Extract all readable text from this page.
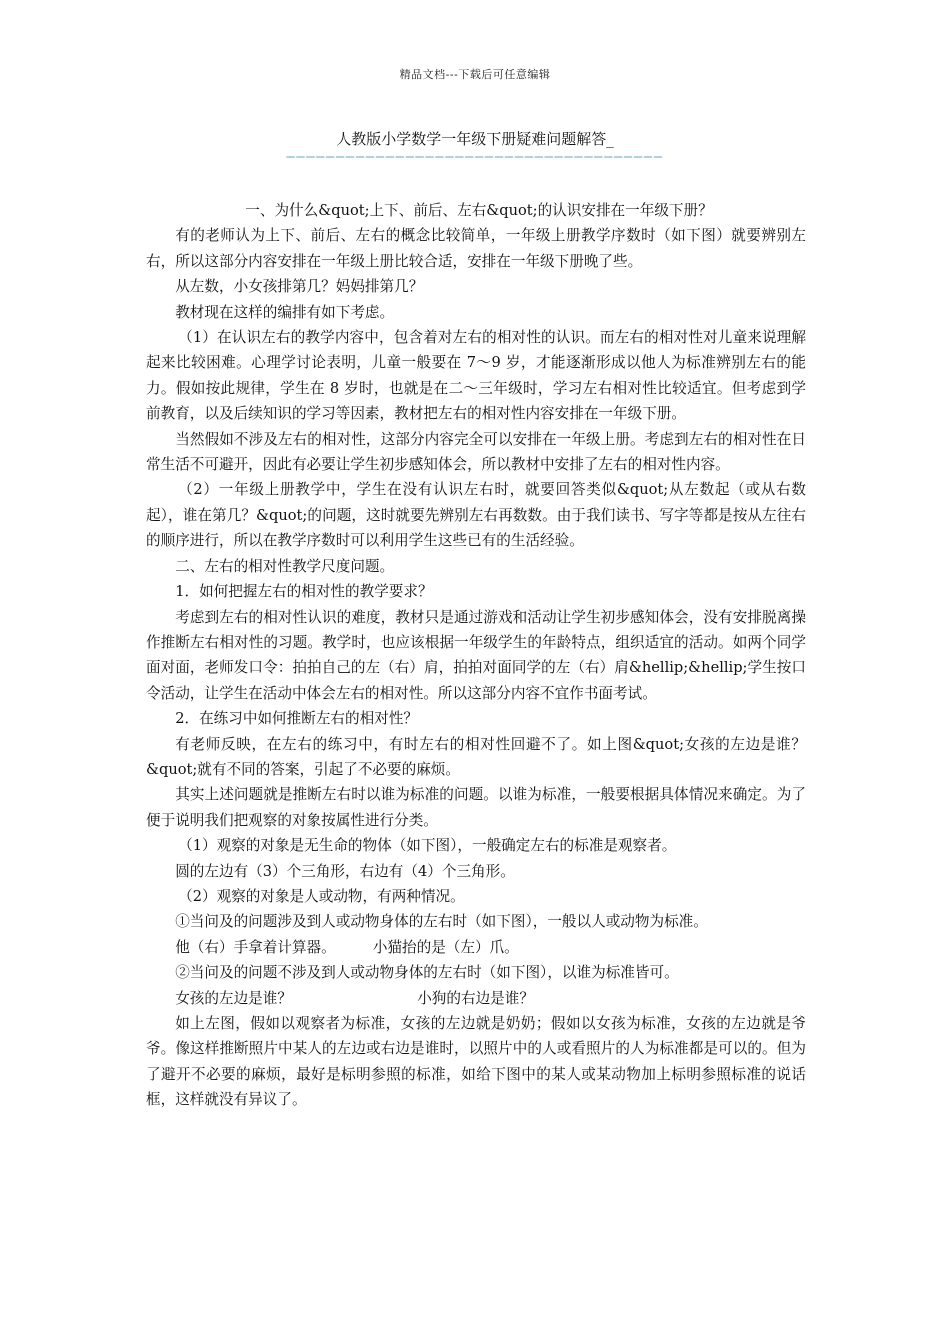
精品文档---下载后可任意编辑
人教版小学数学一年级下册疑难问题解答_
——————————————————————————————————————

一、为什么&quot;上下、前后、左右&quot;的认识安排在一年级下册？

有的老师认为上下、前后、左右的概念比较简单，一年级上册教学序数时（如下图）就要辨别左右，所以这部分内容安排在一年级上册比较合适，安排在一年级下册晚了些。

从左数，小女孩排第几？妈妈排第几？

教材现在这样的编排有如下考虑。

（1）在认识左右的教学内容中，包含着对左右的相对性的认识。而左右的相对性对儿童来说理解起来比较困难。心理学讨论表明，儿童一般要在 7～9 岁，才能逐渐形成以他人为标准辨别左右的能力。假如按此规律，学生在 8 岁时，也就是在二～三年级时，学习左右相对性比较适宜。但考虑到学前教育，以及后续知识的学习等因素，教材把左右的相对性内容安排在一年级下册。

当然假如不涉及左右的相对性，这部分内容完全可以安排在一年级上册。考虑到左右的相对性在日常生活不可避开，因此有必要让学生初步感知体会，所以教材中安排了左右的相对性内容。

（2）一年级上册教学中，学生在没有认识左右时，就要回答类似&quot;从左数起（或从右数起），谁在第几？&quot;的问题，这时就要先辨别左右再数数。由于我们读书、写字等都是按从左往右的顺序进行，所以在教学序数时可以利用学生这些已有的生活经验。

二、左右的相对性教学尺度问题。

1．如何把握左右的相对性的教学要求？

考虑到左右的相对性认识的难度，教材只是通过游戏和活动让学生初步感知体会，没有安排脱离操作推断左右相对性的习题。教学时，也应该根据一年级学生的年龄特点，组织适宜的活动。如两个同学面对面，老师发口令：拍拍自己的左（右）肩，拍拍对面同学的左（右）肩&hellip;&hellip;学生按口令活动，让学生在活动中体会左右的相对性。所以这部分内容不宜作书面考试。

2．在练习中如何推断左右的相对性？

有老师反映，在左右的练习中，有时左右的相对性回避不了。如上图&quot;女孩的左边是谁？&quot;就有不同的答案，引起了不必要的麻烦。

其实上述问题就是推断左右时以谁为标准的问题。以谁为标准，一般要根据具体情况来确定。为了便于说明我们把观察的对象按属性进行分类。

（1）观察的对象是无生命的物体（如下图），一般确定左右的标准是观察者。

圆的左边有（3）个三角形，右边有（4）个三角形。

（2）观察的对象是人或动物，有两种情况。

①当问及的问题涉及到人或动物身体的左右时（如下图），一般以人或动物为标准。

他（右）手拿着计算器。        小猫抬的是（左）爪。

②当问及的问题不涉及到人或动物身体的左右时（如下图），以谁为标准皆可。

女孩的左边是谁？                           小狗的右边是谁？

如上左图，假如以观察者为标准，女孩的左边就是奶奶；假如以女孩为标准，女孩的左边就是爷爷。像这样推断照片中某人的左边或右边是谁时，以照片中的人或看照片的人为标准都是可以的。但为了避开不必要的麻烦，最好是标明参照的标准，如给下图中的某人或某动物加上标明参照标准的说话框，这样就没有异议了。
